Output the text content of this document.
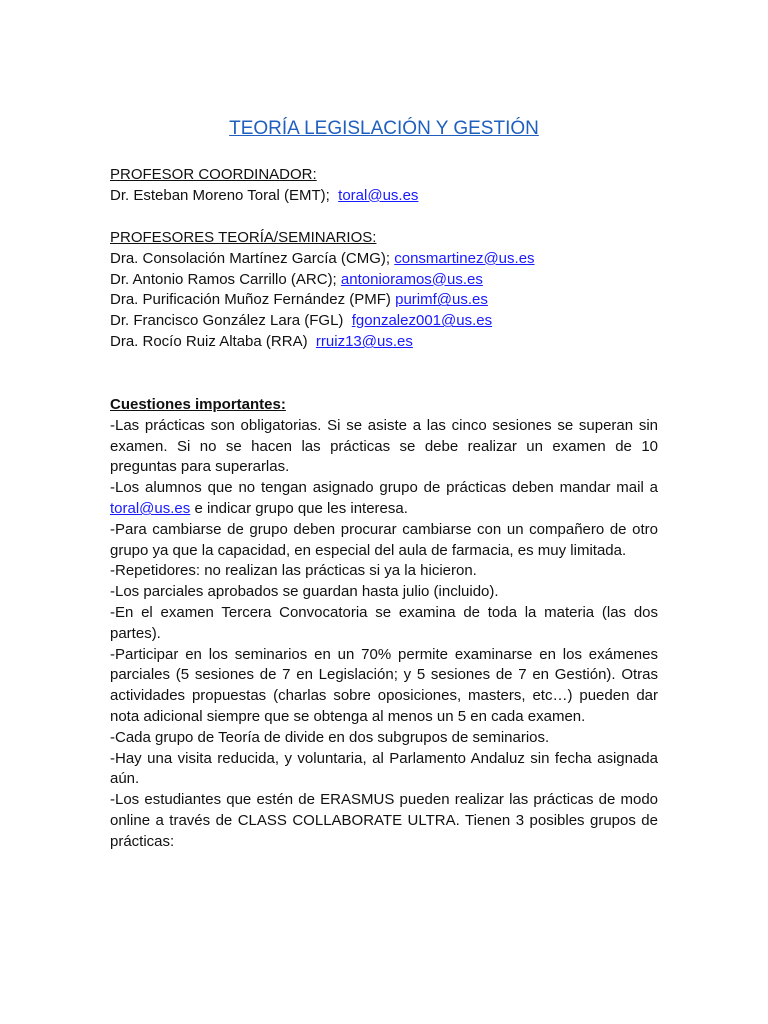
TEORÍA LEGISLACIÓN Y GESTIÓN
PROFESOR COORDINADOR:
Dr. Esteban Moreno Toral (EMT); toral@us.es
PROFESORES TEORÍA/SEMINARIOS:
Dra. Consolación Martínez García (CMG); consmartinez@us.es
Dr. Antonio Ramos Carrillo (ARC); antonioramos@us.es
Dra. Purificación Muñoz Fernández (PMF) purimf@us.es
Dr. Francisco González Lara (FGL) fgonzalez001@us.es
Dra. Rocío Ruiz Altaba (RRA) rruiz13@us.es
Cuestiones importantes:
-Las prácticas son obligatorias. Si se asiste a las cinco sesiones se superan sin examen. Si no se hacen las prácticas se debe realizar un examen de 10 preguntas para superarlas.
-Los alumnos que no tengan asignado grupo de prácticas deben mandar mail a toral@us.es e indicar grupo que les interesa.
-Para cambiarse de grupo deben procurar cambiarse con un compañero de otro grupo ya que la capacidad, en especial del aula de farmacia, es muy limitada.
-Repetidores: no realizan las prácticas si ya la hicieron.
-Los parciales aprobados se guardan hasta julio (incluido).
-En el examen Tercera Convocatoria se examina de toda la materia (las dos partes).
-Participar en los seminarios en un 70% permite examinarse en los exámenes parciales (5 sesiones de 7 en Legislación; y 5 sesiones de 7 en Gestión). Otras actividades propuestas (charlas sobre oposiciones, masters, etc…) pueden dar nota adicional siempre que se obtenga al menos un 5 en cada examen.
-Cada grupo de Teoría de divide en dos subgrupos de seminarios.
-Hay una visita reducida, y voluntaria, al Parlamento Andaluz sin fecha asignada aún.
-Los estudiantes que estén de ERASMUS pueden realizar las prácticas de modo online a través de CLASS COLLABORATE ULTRA. Tienen 3 posibles grupos de prácticas:
